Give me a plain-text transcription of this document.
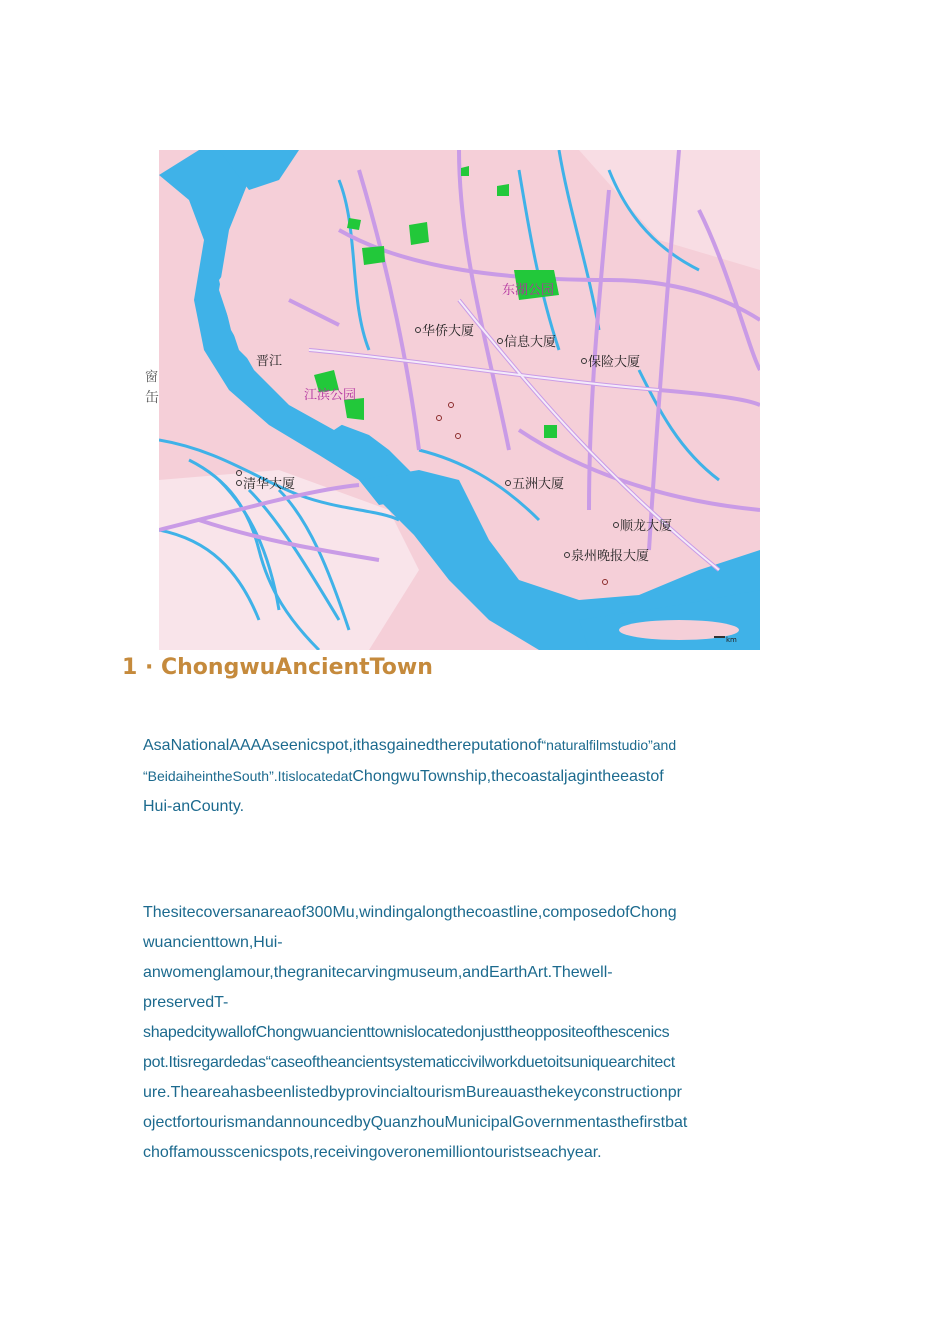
东湖公园
华侨大厦
信息大厦
保险大厦
晋江
江滨公园
清华大厦	五洲大厦
顺龙大厦
泉州晚报大厦
km
窗
缶
1 · ChongwuAncientTown

AsaNationalAAAAseenicspot,ithasgainedthereputationof“naturalfilmstudio”and

“BeidaiheintheSouth”.ItislocatedatChongwuTownship,thecoastaljagintheeastof

Hui-anCounty.

Thesitecoversanareaof300Mu,windingalongthecoastline,composedofChong

wuancienttown,Hui-

anwomenglamour,thegranitecarvingmuseum,andEarthArt.Thewell-

preservedT-

shapedcitywallofChongwuancienttownislocatedonjusttheoppositeofthescenics

pot.Itisregardedas“caseoftheancientsystematiccivilworkduetoitsuniquearchitect

ure.TheareahasbeenlistedbyprovincialtourismBureauasthekeyconstructionpr

ojectfortourismandannouncedbyQuanzhouMunicipalGovernmentasthefirstbat

choffamousscenicspots,receivingoveronemilliontouristseachyear.
